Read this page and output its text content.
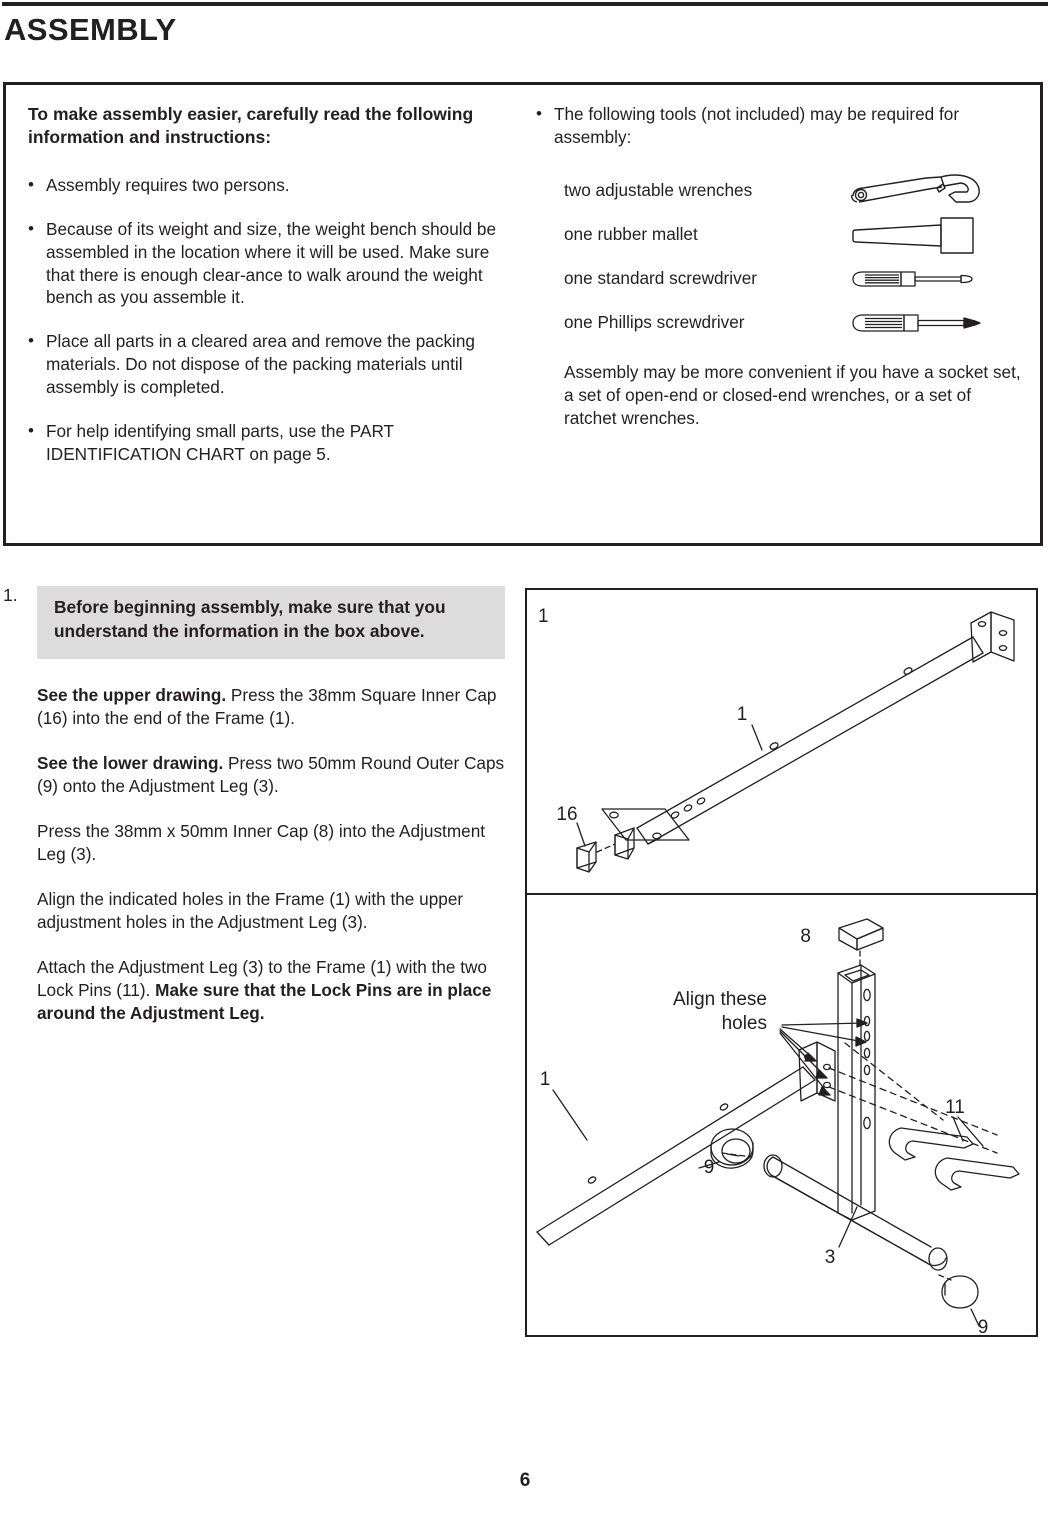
ASSEMBLY
To make assembly easier, carefully read the following information and instructions:
• Assembly requires two persons.
• Because of its weight and size, the weight bench should be assembled in the location where it will be used. Make sure that there is enough clear-ance to walk around the weight bench as you assemble it.
• Place all parts in a cleared area and remove the packing materials. Do not dispose of the packing materials until assembly is completed.
• For help identifying small parts, use the PART IDENTIFICATION CHART on page 5.
• The following tools (not included) may be required for assembly:
two adjustable wrenches
one rubber mallet
one standard screwdriver
one Phillips screwdriver
Assembly may be more convenient if you have a socket set, a set of open-end or closed-end wrenches, or a set of ratchet wrenches.
1.
Before beginning assembly, make sure that you understand the information in the box above.

See the upper drawing. Press the 38mm Square Inner Cap (16) into the end of the Frame (1).

See the lower drawing. Press two 50mm Round Outer Caps (9) onto the Adjustment Leg (3).

Press the 38mm x 50mm Inner Cap (8) into the Adjustment Leg (3).

Align the indicated holes in the Frame (1) with the upper adjustment holes in the Adjustment Leg (3).

Attach the Adjustment Leg (3) to the Frame (1) with the two Lock Pins (11). Make sure that the Lock Pins are in place around the Adjustment Leg.

1
1
16
Align these
holes
8
1
11
9
3
9
6
